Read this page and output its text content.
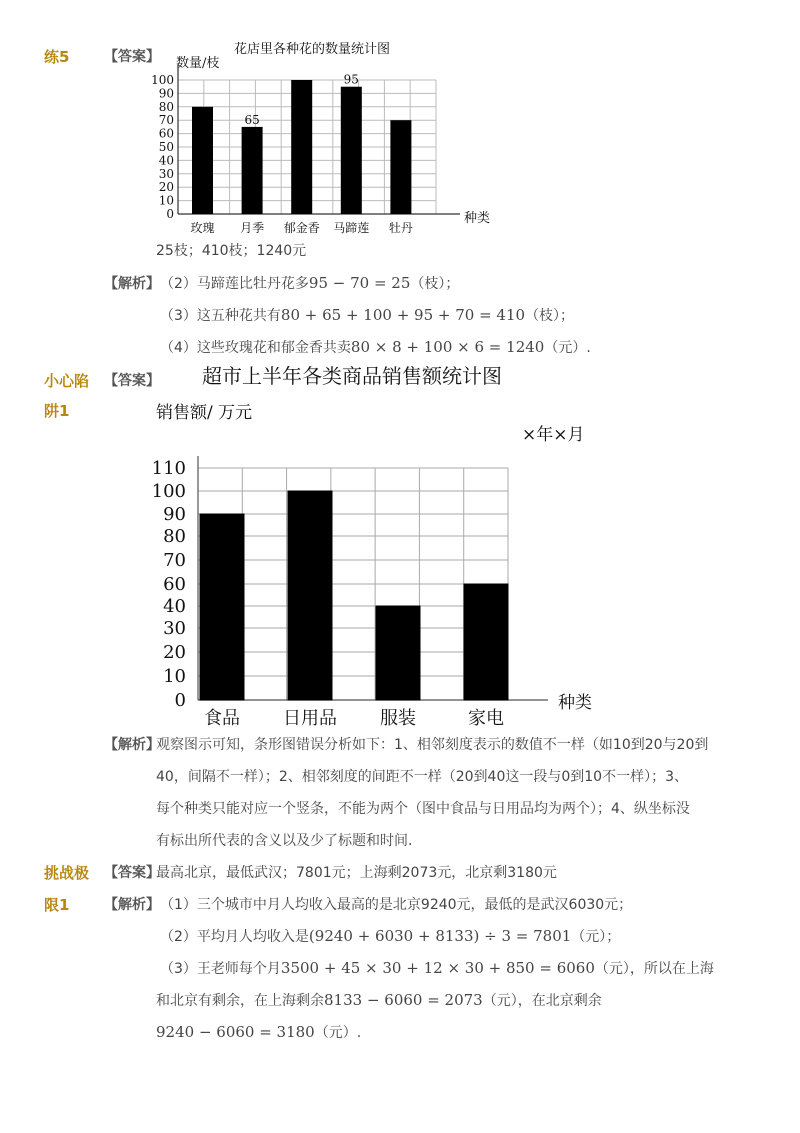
练5 【答案】	花店里各种花的数量统计图
数量/枝
种类
0
10
20
30
40
50
60
70
80
90
100
玫瑰
65
月季 郁金香
95
马蹄莲 牡丹
25枝；410枝；1240元
【解析】 （2）马蹄莲比牡丹花多95 − 70 = 25（枝）；
（3）这五种花共有80 + 65 + 100 + 95 + 70 = 410（枝）；
（4）这些玫瑰花和郁金香共卖80 × 8 + 100 × 6 = 1240（元）.
小心陷
阱1
【答案】 超市上半年各类商品销售额统计图
销售额/ 万元
×年×月
种类
0
10
20
30
40
60
70
80
90
100
110
食品 日用品 服装	家电
【解析】
观察图示可知，条形图错误分析如下：1、相邻刻度表示的数值不一样（如10到20与20到
40，间隔不一样）；2、相邻刻度的间距不一样（20到40这一段与0到10不一样）；3、
每个种类只能对应一个竖条，不能为两个（图中食品与日用品均为两个）；4、纵坐标没
有标出所代表的含义以及少了标题和时间.
挑战极
限1
【答案】
最高北京，最低武汉；7801元；上海剩2073元，北京剩3180元
【解析】 （1）三个城市中月人均收入最高的是北京9240元，最低的是武汉6030元；
（2）平均月人均收入是(9240 + 6030 + 8133) ÷ 3 = 7801（元）；
（3）王老师每个月3500 + 45 × 30 + 12 × 30 + 850 = 6060（元），所以在上海
和北京有剩余，在上海剩余8133 − 6060 = 2073（元），在北京剩余
9240 − 6060 = 3180（元）.
